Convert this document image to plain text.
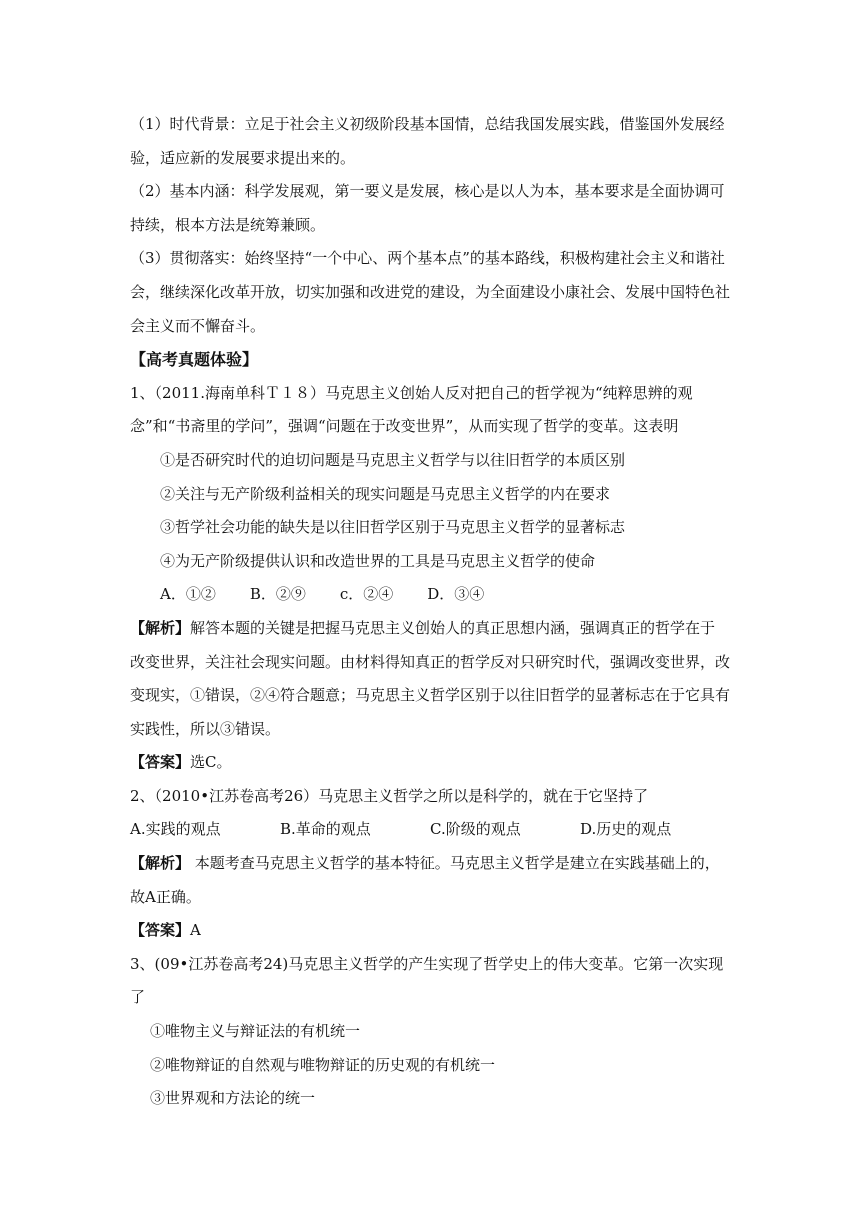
（1）时代背景：立足于社会主义初级阶段基本国情，总结我国发展实践，借鉴国外发展经验，适应新的发展要求提出来的。

（2）基本内涵：科学发展观，第一要义是发展，核心是以人为本，基本要求是全面协调可持续，根本方法是统筹兼顾。

（3）贯彻落实：始终坚持“一个中心、两个基本点”的基本路线，积极构建社会主义和谐社会，继续深化改革开放，切实加强和改进党的建设，为全面建设小康社会、发展中国特色社会主义而不懈奋斗。

【高考真题体验】

1、（2011.海南单科Ｔ１８）马克思主义创始人反对把自己的哲学视为“纯粹思辨的观念”和“书斋里的学问”，强调“问题在于改变世界”，从而实现了哲学的变革。这表明

①是否研究时代的迫切问题是马克思主义哲学与以往旧哲学的本质区别

②关注与无产阶级利益相关的现实问题是马克思主义哲学的内在要求

③哲学社会功能的缺失是以往旧哲学区别于马克思主义哲学的显著标志

④为无产阶级提供认识和改造世界的工具是马克思主义哲学的使命

A．①② B．②⑨ c．②④ D．③④

【解析】解答本题的关键是把握马克思主义创始人的真正思想内涵，强调真正的哲学在于改变世界，关注社会现实问题。由材料得知真正的哲学反对只研究时代，强调改变世界，改变现实，①错误，②④符合题意；马克思主义哲学区别于以往旧哲学的显著标志在于它具有实践性，所以③错误。

【答案】选C。

2、（2010•江苏卷高考26）马克思主义哲学之所以是科学的，就在于它坚持了

A.实践的观点	B.革命的观点	C.阶级的观点	D.历史的观点

【解析】 本题考查马克思主义哲学的基本特征。马克思主义哲学是建立在实践基础上的，故A正确。

【答案】A

3、(09•江苏卷高考24)马克思主义哲学的产生实现了哲学史上的伟大变革。它第一次实现了

①唯物主义与辩证法的有机统一

②唯物辩证的自然观与唯物辩证的历史观的有机统一

③世界观和方法论的统一
